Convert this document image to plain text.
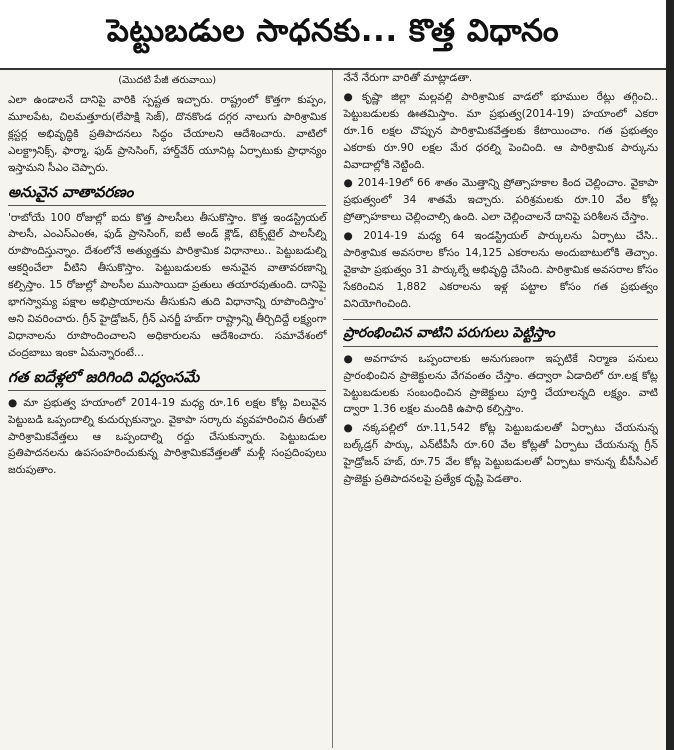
పెట్టుబడుల సాధనకు... కొత్త విధానం
(మొదటి పేజీ తరువాయి)

ఎలా ఉండాలనే దానిపై వారికి స్పష్టత ఇచ్చారు. రాష్ట్రంలో కొత్తగా కుప్పం, మూలపేట, చిలమత్తూరు(లేపాక్షి సెజ్), దొనకొండ దగ్గర నాలుగు పారిశ్రామిక క్లస్టర్ల అభివృద్ధికి ప్రతిపాదనలు సిద్ధం చేయాలని ఆదేశించారు. వాటిలో ఎలక్ట్రానిక్స్, ఫార్మా, ఫుడ్ ప్రాసెసింగ్, హార్డ్‌వేర్ యూనిట్ల ఏర్పాటుకు ప్రాధాన్యం ఇస్తామని సీఎం చెప్పారు.

అనువైన వాతావరణం

'రాబోయే 100 రోజుల్లో ఐదు కొత్త పాలసీలు తీసుకొస్తాం. కొత్త ఇండస్ట్రియల్ పాలసీ, ఎంఎస్‌ఎంఈ, ఫుడ్ ప్రాసెసింగ్, ఐటీ అండ్ క్లౌడ్, టెక్స్‌టైల్ పాలసీల్ని రూపొందిస్తున్నాం. దేశంలోనే అత్యుత్తమ పారిశ్రామిక విధానాలు.. పెట్టుబడుల్ని ఆకర్షించేలా వీటిని తీసుకొస్తాం. పెట్టుబడులకు అనువైన వాతావరణాన్ని కల్పిస్తాం. 15 రోజుల్లో పాలసీల ముసాయిదా ప్రతులు తయారవుతుంది. దానిపై భాగస్వామ్య పక్షాల అభిప్రాయాలను తీసుకుని తుది విధానాన్ని రూపొందిస్తాం' అని వివరించారు. గ్రీన్ హైడ్రోజన్, గ్రీన్ ఎనర్జీ హబ్‌గా రాష్ట్రాన్ని తీర్చిదిద్దే లక్ష్యంగా విధానాలను రూపొందించాలని అధికారులను ఆదేశించారు. సమావేశంలో చంద్రబాబు ఇంకా ఏమన్నారంటే...

గత ఐదేళ్లలో జరిగింది విధ్వంసమే

● మా ప్రభుత్వ హయాంలో 2014-19 మధ్య రూ.16 లక్షల కోట్ల విలువైన పెట్టుబడి ఒప్పందాల్ని కుదుర్చుకున్నాం. వైకాపా సర్కారు వ్యవహరించిన తీరుతో పారిశ్రామికవేత్తలు ఆ ఒప్పందాల్ని రద్దు చేసుకున్నారు. పెట్టుబడుల ప్రతిపాదనలను ఉపసంహరించుకున్న పారిశ్రామికవేత్తలతో మళ్లీ సంప్రదింపులు జరుపుతాం.

నేనే నేరుగా వారితో మాట్లాడతా.

● కృష్ణా జిల్లా మల్లవల్లి పారిశ్రామిక వాడలో భూముల రేట్లు తగ్గించి.. పెట్టుబడులకు ఊతమిస్తాం. మా ప్రభుత్వ(2014-19) హయాంలో ఎకరా రూ.16 లక్షల చొప్పున పారిశ్రామికవేత్తలకు కేటాయించాం. గత ప్రభుత్వం ఎకరాకు రూ.90 లక్షల మేర ధరల్ని పెంచింది. ఆ పారిశ్రామిక పార్కును వివాదాల్లోకి నెట్టింది.

● 2014-19లో 66 శాతం మొత్తాన్ని ప్రోత్సాహకాల కింద చెల్లించాం. వైకాపా ప్రభుత్వంలో 34 శాతమే ఇచ్చారు. పరిశ్రమలకు రూ.10 వేల కోట్ల ప్రోత్సాహకాలు చెల్లించాల్సి ఉంది. ఎలా చెల్లించాలనే దానిపై పరిశీలన చేస్తాం.

● 2014-19 మధ్య 64 ఇండస్ట్రియల్ పార్కులను ఏర్పాటు చేసి.. పారిశ్రామిక అవసరాల కోసం 14,125 ఎకరాలను అందుబాటులోకి తెచ్చాం. వైకాపా ప్రభుత్వం 31 పార్కుల్నే అభివృద్ధి చేసింది. పారిశ్రామిక అవసరాల కోసం సేకరించిన 1,882 ఎకరాలను ఇళ్ల పట్టాల కోసం గత ప్రభుత్వం వినియోగించింది.

ప్రారంభించిన వాటిని పరుగులు పెట్టిస్తాం

● అవగాహన ఒప్పందాలకు అనుగుణంగా ఇప్పటికే నిర్మాణ పనులు ప్రారంభించిన ప్రాజెక్టులను వేగవంతం చేస్తాం. తద్వారా ఏడాదిలో రూ.లక్ష కోట్ల పెట్టుబడులకు సంబంధించిన ప్రాజెక్టులు పూర్తి చేయాలన్నది లక్ష్యం. వాటి ద్వారా 1.36 లక్షల మందికి ఉపాధి కల్పిస్తాం.

● నక్కపల్లిలో రూ.11,542 కోట్ల పెట్టుబడులతో ఏర్పాటు చేయనున్న బల్క్‌డ్రగ్ పార్కు, ఎన్‌టీపీసీ రూ.60 వేల కోట్లతో ఏర్పాటు చేయనున్న గ్రీన్ హైడ్రోజన్ హబ్, రూ.75 వేల కోట్ల పెట్టుబడులతో ఏర్పాటు కానున్న బీపీసీఎల్ ప్రాజెక్టు ప్రతిపాదనలపై ప్రత్యేక దృష్టి పెడతాం.
